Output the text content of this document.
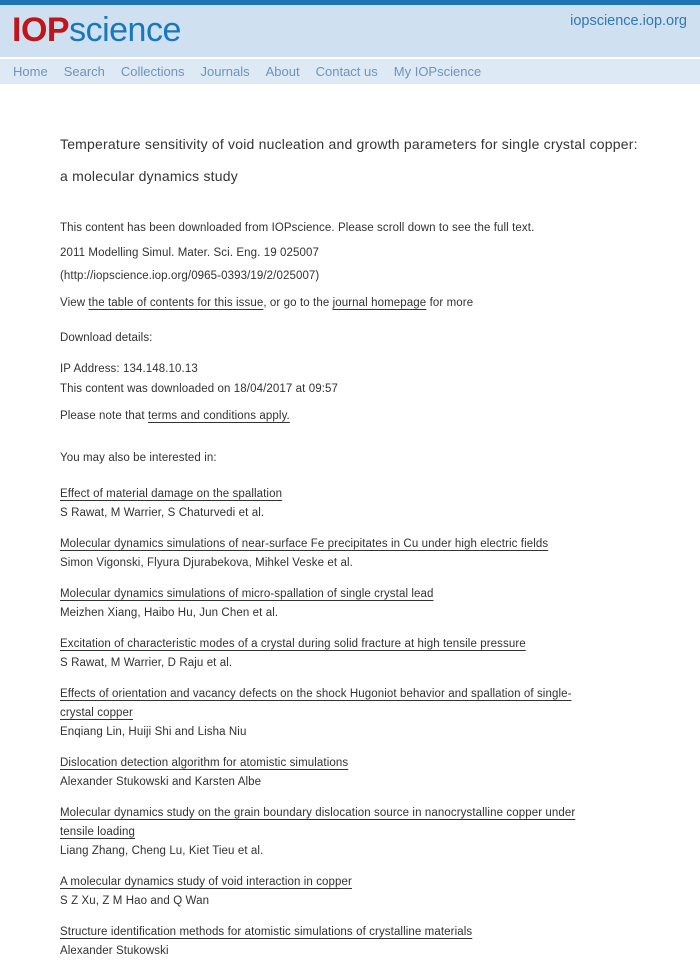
IOPscience	iopscience.iop.org
Home	Search	Collections	Journals	About	Contact us	My IOPscience
Temperature sensitivity of void nucleation and growth parameters for single crystal copper: a molecular dynamics study

This content has been downloaded from IOPscience. Please scroll down to see the full text.

2011 Modelling Simul. Mater. Sci. Eng. 19 025007

(http://iopscience.iop.org/0965-0393/19/2/025007)

View the table of contents for this issue, or go to the journal homepage for more

Download details:

IP Address: 134.148.10.13

This content was downloaded on 18/04/2017 at 09:57

Please note that terms and conditions apply.

You may also be interested in:

Effect of material damage on the spallation
S Rawat, M Warrier, S Chaturvedi et al.
Molecular dynamics simulations of near-surface Fe precipitates in Cu under high electric fields
Simon Vigonski, Flyura Djurabekova, Mihkel Veske et al.
Molecular dynamics simulations of micro-spallation of single crystal lead
Meizhen Xiang, Haibo Hu, Jun Chen et al.
Excitation of characteristic modes of a crystal during solid fracture at high tensile pressure
S Rawat, M Warrier, D Raju et al.
Effects of orientation and vacancy defects on the shock Hugoniot behavior and spallation of single-crystal copper
Enqiang Lin, Huiji Shi and Lisha Niu
Dislocation detection algorithm for atomistic simulations
Alexander Stukowski and Karsten Albe
Molecular dynamics study on the grain boundary dislocation source in nanocrystalline copper under tensile loading
Liang Zhang, Cheng Lu, Kiet Tieu et al.
A molecular dynamics study of void interaction in copper
S Z Xu, Z M Hao and Q Wan
Structure identification methods for atomistic simulations of crystalline materials
Alexander Stukowski
